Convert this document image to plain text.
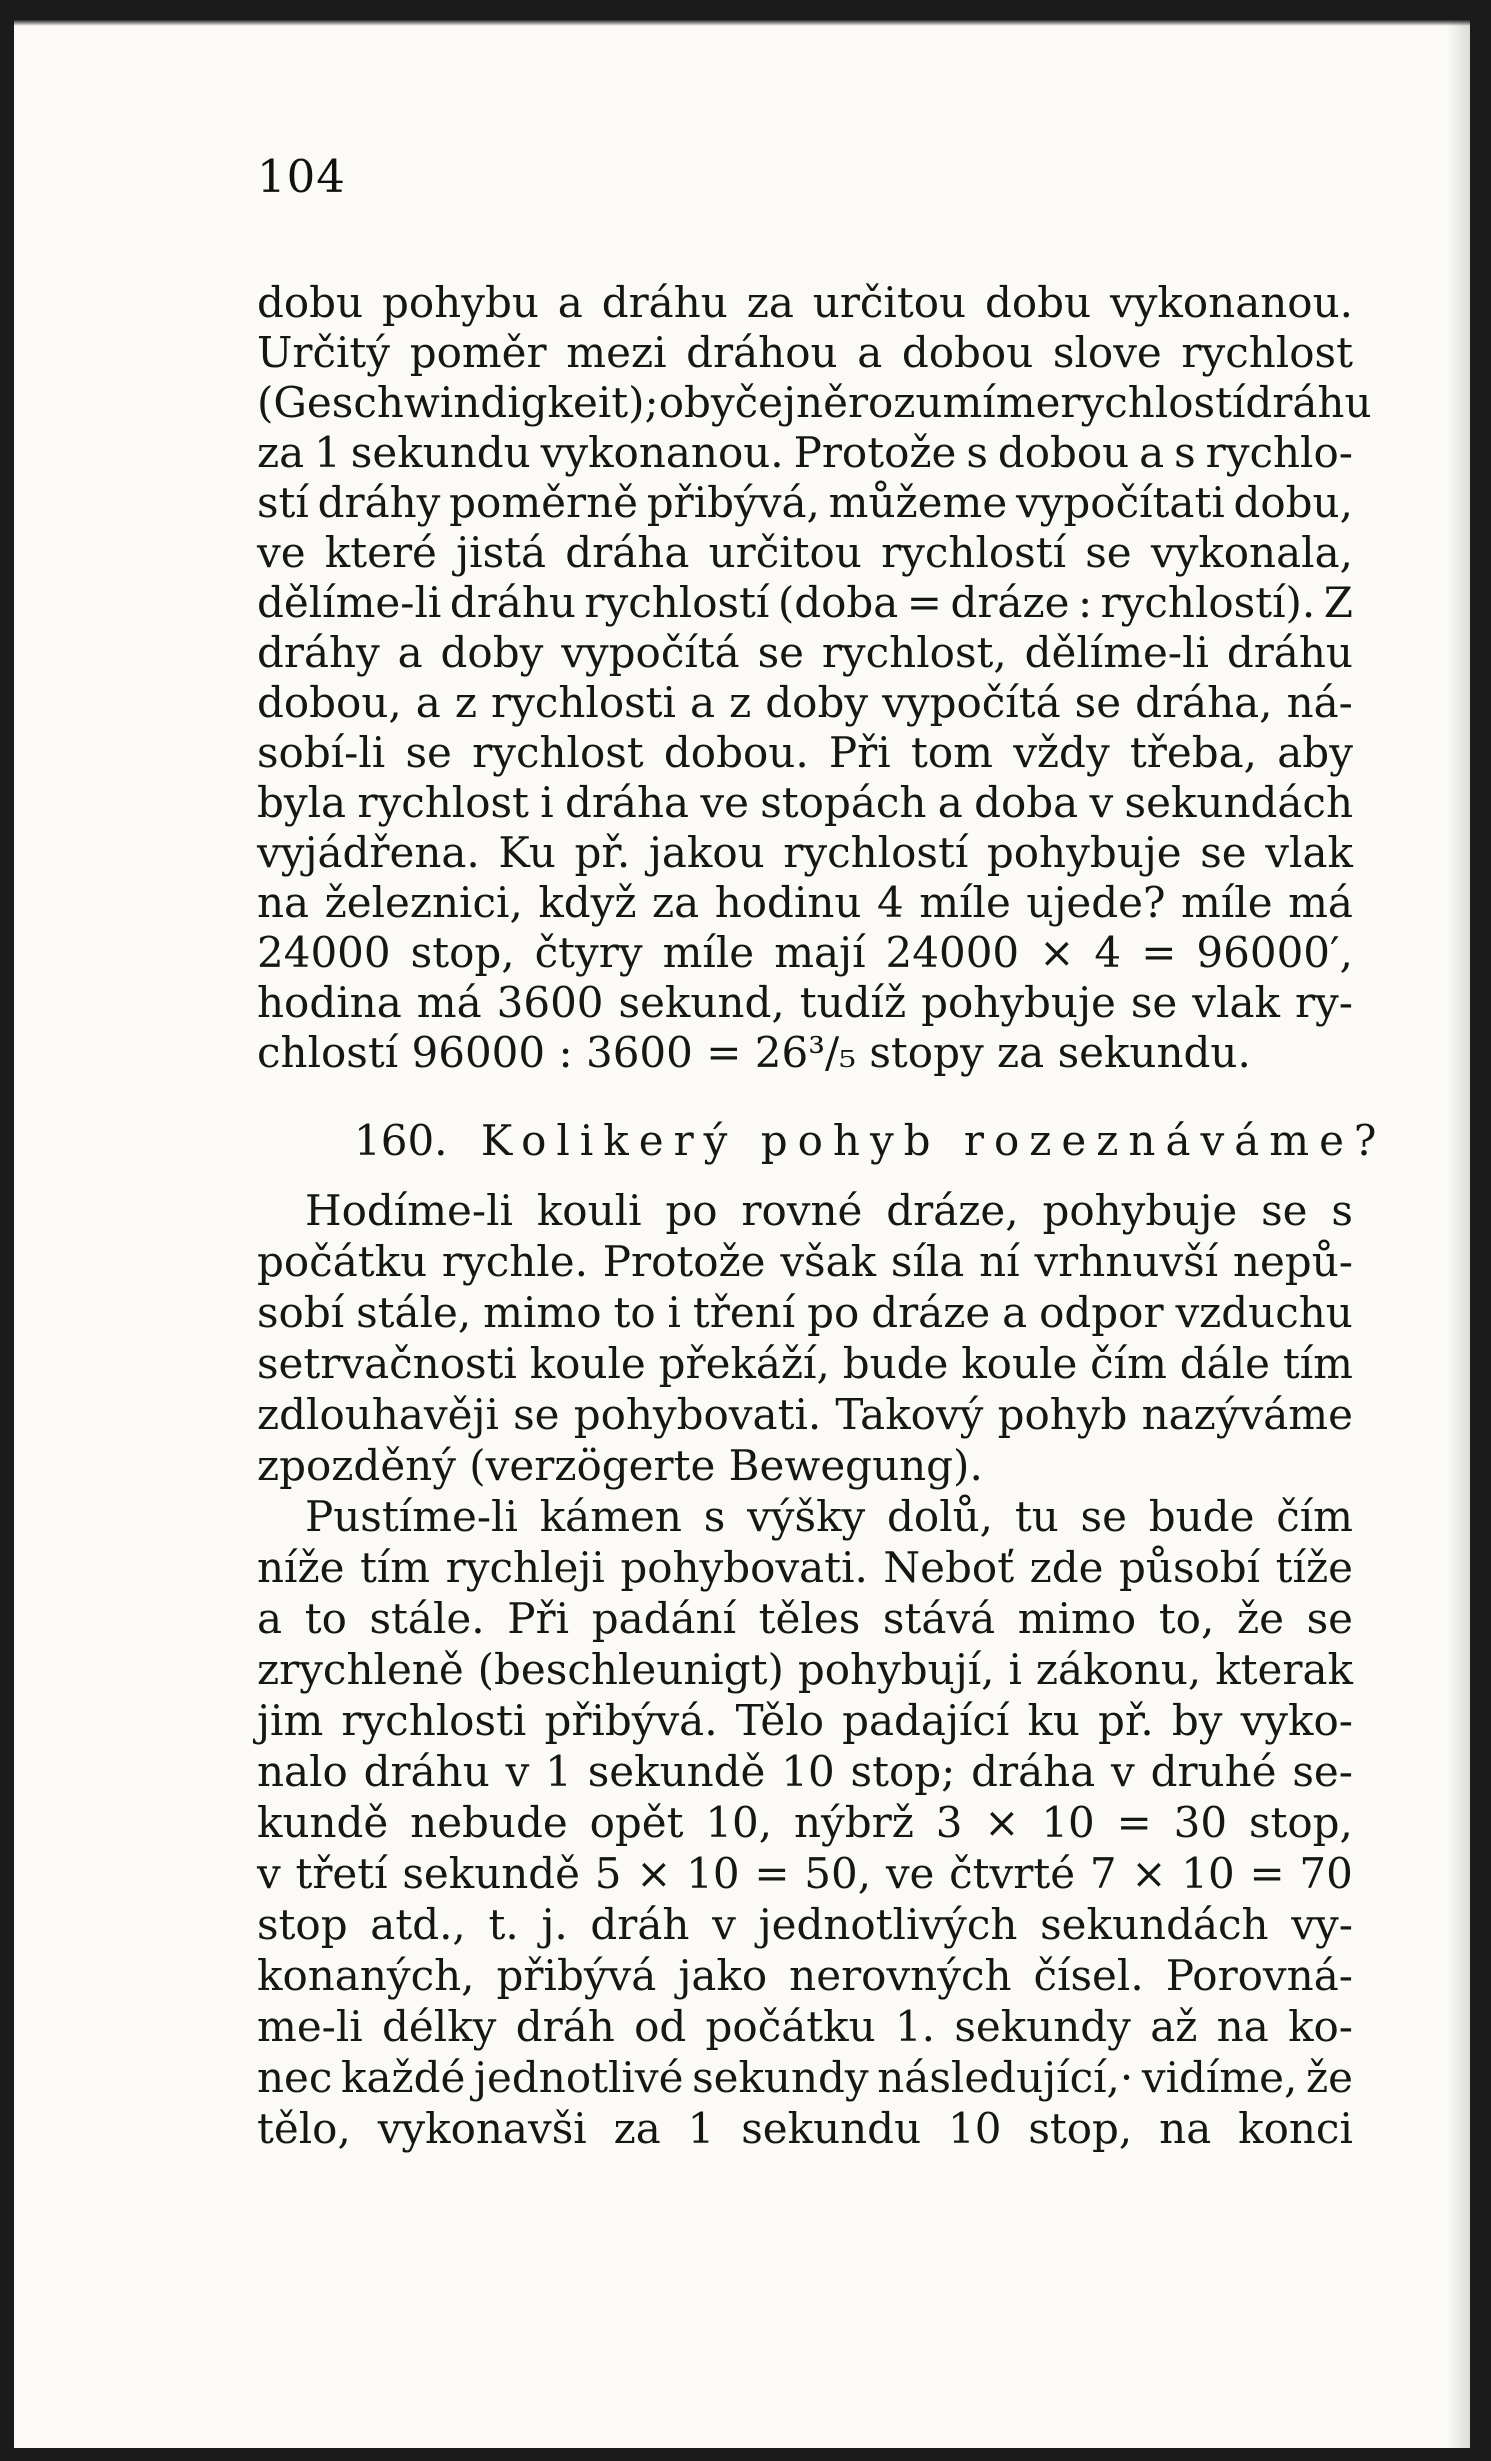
104
dobu pohybu a dráhu za určitou dobu vykonanou.
Určitý poměr mezi dráhou a dobou slove rychlost
(Geschwindigkeit); obyčejně rozumíme rychlostí dráhu
za 1 sekundu vykonanou. Protože s dobou a s rychlo-
stí dráhy poměrně přibývá, můžeme vypočítati dobu,
ve které jistá dráha určitou rychlostí se vykonala,
dělíme-li dráhu rychlostí (doba = dráze : rychlostí). Z
dráhy a doby vypočítá se rychlost, dělíme-li dráhu
dobou, a z rychlosti a z doby vypočítá se dráha, ná-
sobí-li se rychlost dobou. Při tom vždy třeba, aby
byla rychlost i dráha ve stopách a doba v sekundách
vyjádřena. Ku př. jakou rychlostí pohybuje se vlak
na železnici, když za hodinu 4 míle ujede? míle má
24000 stop, čtyry míle mají 24000 × 4 = 96000′,
hodina má 3600 sekund, tudíž pohybuje se vlak ry-
chlostí 96000 : 3600 = 26³/₅ stopy za sekundu.
160. Kolikerý pohyb rozeznáváme?
Hodíme-li kouli po rovné dráze, pohybuje se s
počátku rychle. Protože však síla ní vrhnuvší nepů-
sobí stále, mimo to i tření po dráze a odpor vzduchu
setrvačnosti koule překáží, bude koule čím dále tím
zdlouhavěji se pohybovati. Takový pohyb nazýváme
zpozděný (verzögerte Bewegung).
Pustíme-li kámen s výšky dolů, tu se bude čím
níže tím rychleji pohybovati. Neboť zde působí tíže
a to stále. Při padání těles stává mimo to, že se
zrychleně (beschleunigt) pohybují, i zákonu, kterak
jim rychlosti přibývá. Tělo padající ku př. by vyko-
nalo dráhu v 1 sekundě 10 stop; dráha v druhé se-
kundě nebude opět 10, nýbrž 3 × 10 = 30 stop,
v třetí sekundě 5 × 10 = 50, ve čtvrté 7 × 10 = 70
stop atd., t. j. dráh v jednotlivých sekundách vy-
konaných, přibývá jako nerovných čísel. Porovná-
me-li délky dráh od počátku 1. sekundy až na ko-
nec každé jednotlivé sekundy následující,· vidíme, že
tělo, vykonavši za 1 sekundu 10 stop, na konci
